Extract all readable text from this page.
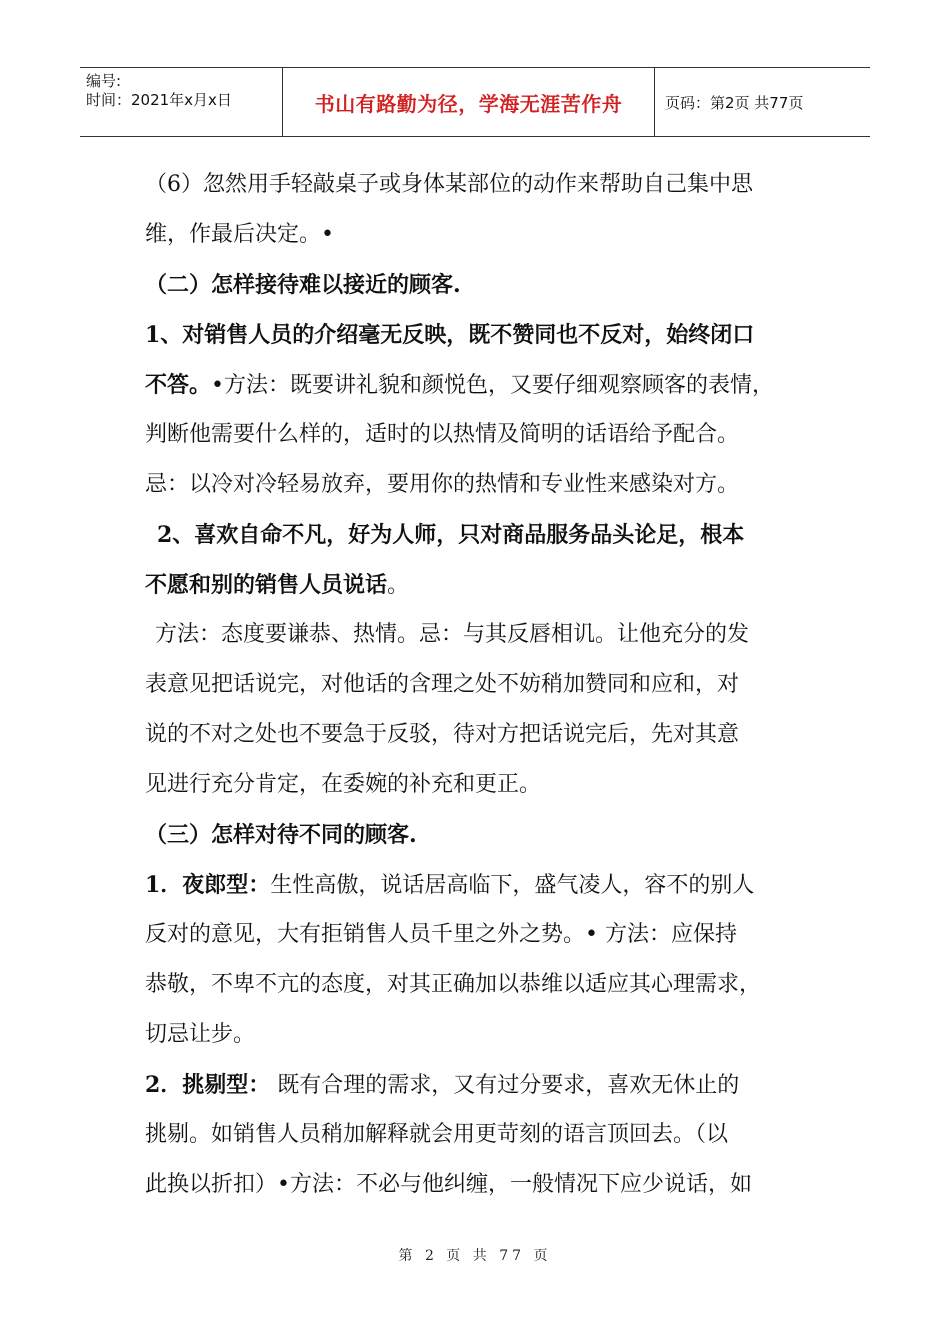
编号:
时间：2021年x月x日	书山有路勤为径，学海无涯苦作舟	页码：第2页 共77页
（6）忽然用手轻敲桌子或身体某部位的动作来帮助自己集中思
维，作最后决定。•
（二）怎样接待难以接近的顾客.
1、对销售人员的介绍毫无反映，既不赞同也不反对，始终闭口
不答。•方法：既要讲礼貌和颜悦色，又要仔细观察顾客的表情，
判断他需要什么样的，适时的以热情及简明的话语给予配合。
忌：以冷对冷轻易放弃，要用你的热情和专业性来感染对方。
2、喜欢自命不凡，好为人师，只对商品服务品头论足，根本
不愿和别的销售人员说话。
方法：态度要谦恭、热情。忌：与其反唇相讥。让他充分的发
表意见把话说完，对他话的含理之处不妨稍加赞同和应和，对
说的不对之处也不要急于反驳，待对方把话说完后，先对其意
见进行充分肯定，在委婉的补充和更正。
（三）怎样对待不同的顾客.
1．夜郎型：生性高傲，说话居高临下，盛气凌人，容不的别人
反对的意见，大有拒销售人员千里之外之势。• 方法：应保持
恭敬，不卑不亢的态度，对其正确加以恭维以适应其心理需求，
切忌让步。
2．挑剔型： 既有合理的需求，又有过分要求，喜欢无休止的
挑剔。如销售人员稍加解释就会用更苛刻的语言顶回去。（以
此换以折扣）•方法：不必与他纠缠，一般情况下应少说话，如
第 2 页 共 77 页
